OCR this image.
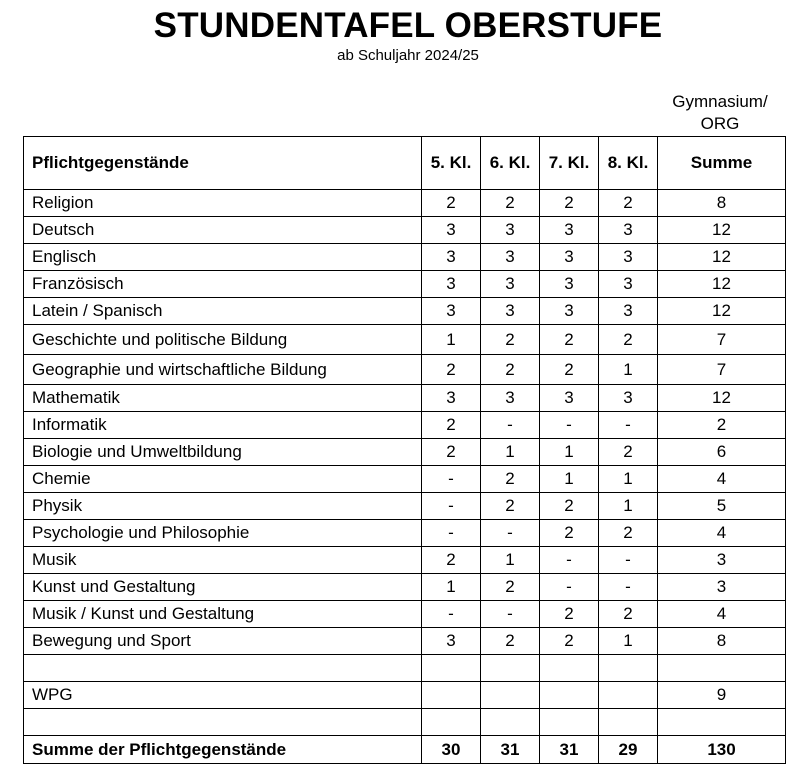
STUNDENTAFEL OBERSTUFE
ab Schuljahr 2024/25
Gymnasium/ ORG
Pflichtgegenstände	5. Kl.	6. Kl.	7. Kl.	8. Kl.	Summe
Religion	2	2	2	2	8
Deutsch	3	3	3	3	12
Englisch	3	3	3	3	12
Französisch	3	3	3	3	12
Latein / Spanisch	3	3	3	3	12
Geschichte und politische Bildung	1	2	2	2	7
Geographie und wirtschaftliche Bildung	2	2	2	1	7
Mathematik	3	3	3	3	12
Informatik	2	-	-	-	2
Biologie und Umweltbildung	2	1	1	2	6
Chemie	-	2	1	1	4
Physik	-	2	2	1	5
Psychologie und Philosophie	-	-	2	2	4
Musik	2	1	-	-	3
Kunst und Gestaltung	1	2	-	-	3
Musik / Kunst und Gestaltung	-	-	2	2	4
Bewegung und Sport	3	2	2	1	8

WPG					9

Summe der Pflichtgegenstände	30	31	31	29	130
